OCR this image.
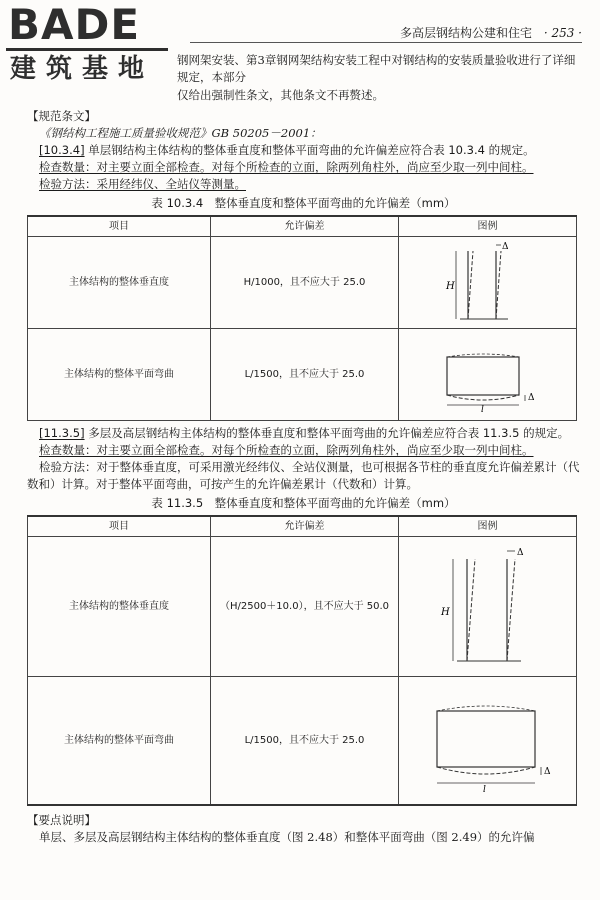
BADE
建筑基地
多高层钢结构公建和住宅 · 253 ·

钢网架安装、第3章钢网架结构安装工程中对钢结构的安装质量验收进行了详细规定，本部分

仅给出强制性条文，其他条文不再赘述。

【规范条文】

《钢结构工程施工质量验收规范》GB 50205－2001：

[10.3.4] 单层钢结构主体结构的整体垂直度和整体平面弯曲的允许偏差应符合表 10.3.4 的规定。

检查数量：对主要立面全部检查。对每个所检查的立面，除两列角柱外，尚应至少取一列中间柱。

检验方法：采用经纬仪、全站仪等测量。

表 10.3.4　整体垂直度和整体平面弯曲的允许偏差（mm）

项目	允许偏差	图例
主体结构的整体垂直度	H/1000，且不应大于 25.0	H
Δ

主体结构的整体平面弯曲	L/1500，且不应大于 25.0	l
Δ

[11.3.5] 多层及高层钢结构主体结构的整体垂直度和整体平面弯曲的允许偏差应符合表 11.3.5 的规定。

检查数量：对主要立面全部检查。对每个所检查的立面，除两列角柱外，尚应至少取一列中间柱。

检验方法：对于整体垂直度，可采用激光经纬仪、全站仪测量，也可根据各节柱的垂直度允许偏差累计（代数和）计算。对于整体平面弯曲，可按产生的允许偏差累计（代数和）计算。

表 11.3.5　整体垂直度和整体平面弯曲的允许偏差（mm）

项目	允许偏差	图例
主体结构的整体垂直度	（H/2500＋10.0），且不应大于 50.0	H
Δ

主体结构的整体平面弯曲	L/1500，且不应大于 25.0	l
Δ

【要点说明】

单层、多层及高层钢结构主体结构的整体垂直度（图 2.48）和整体平面弯曲（图 2.49）的允许偏
